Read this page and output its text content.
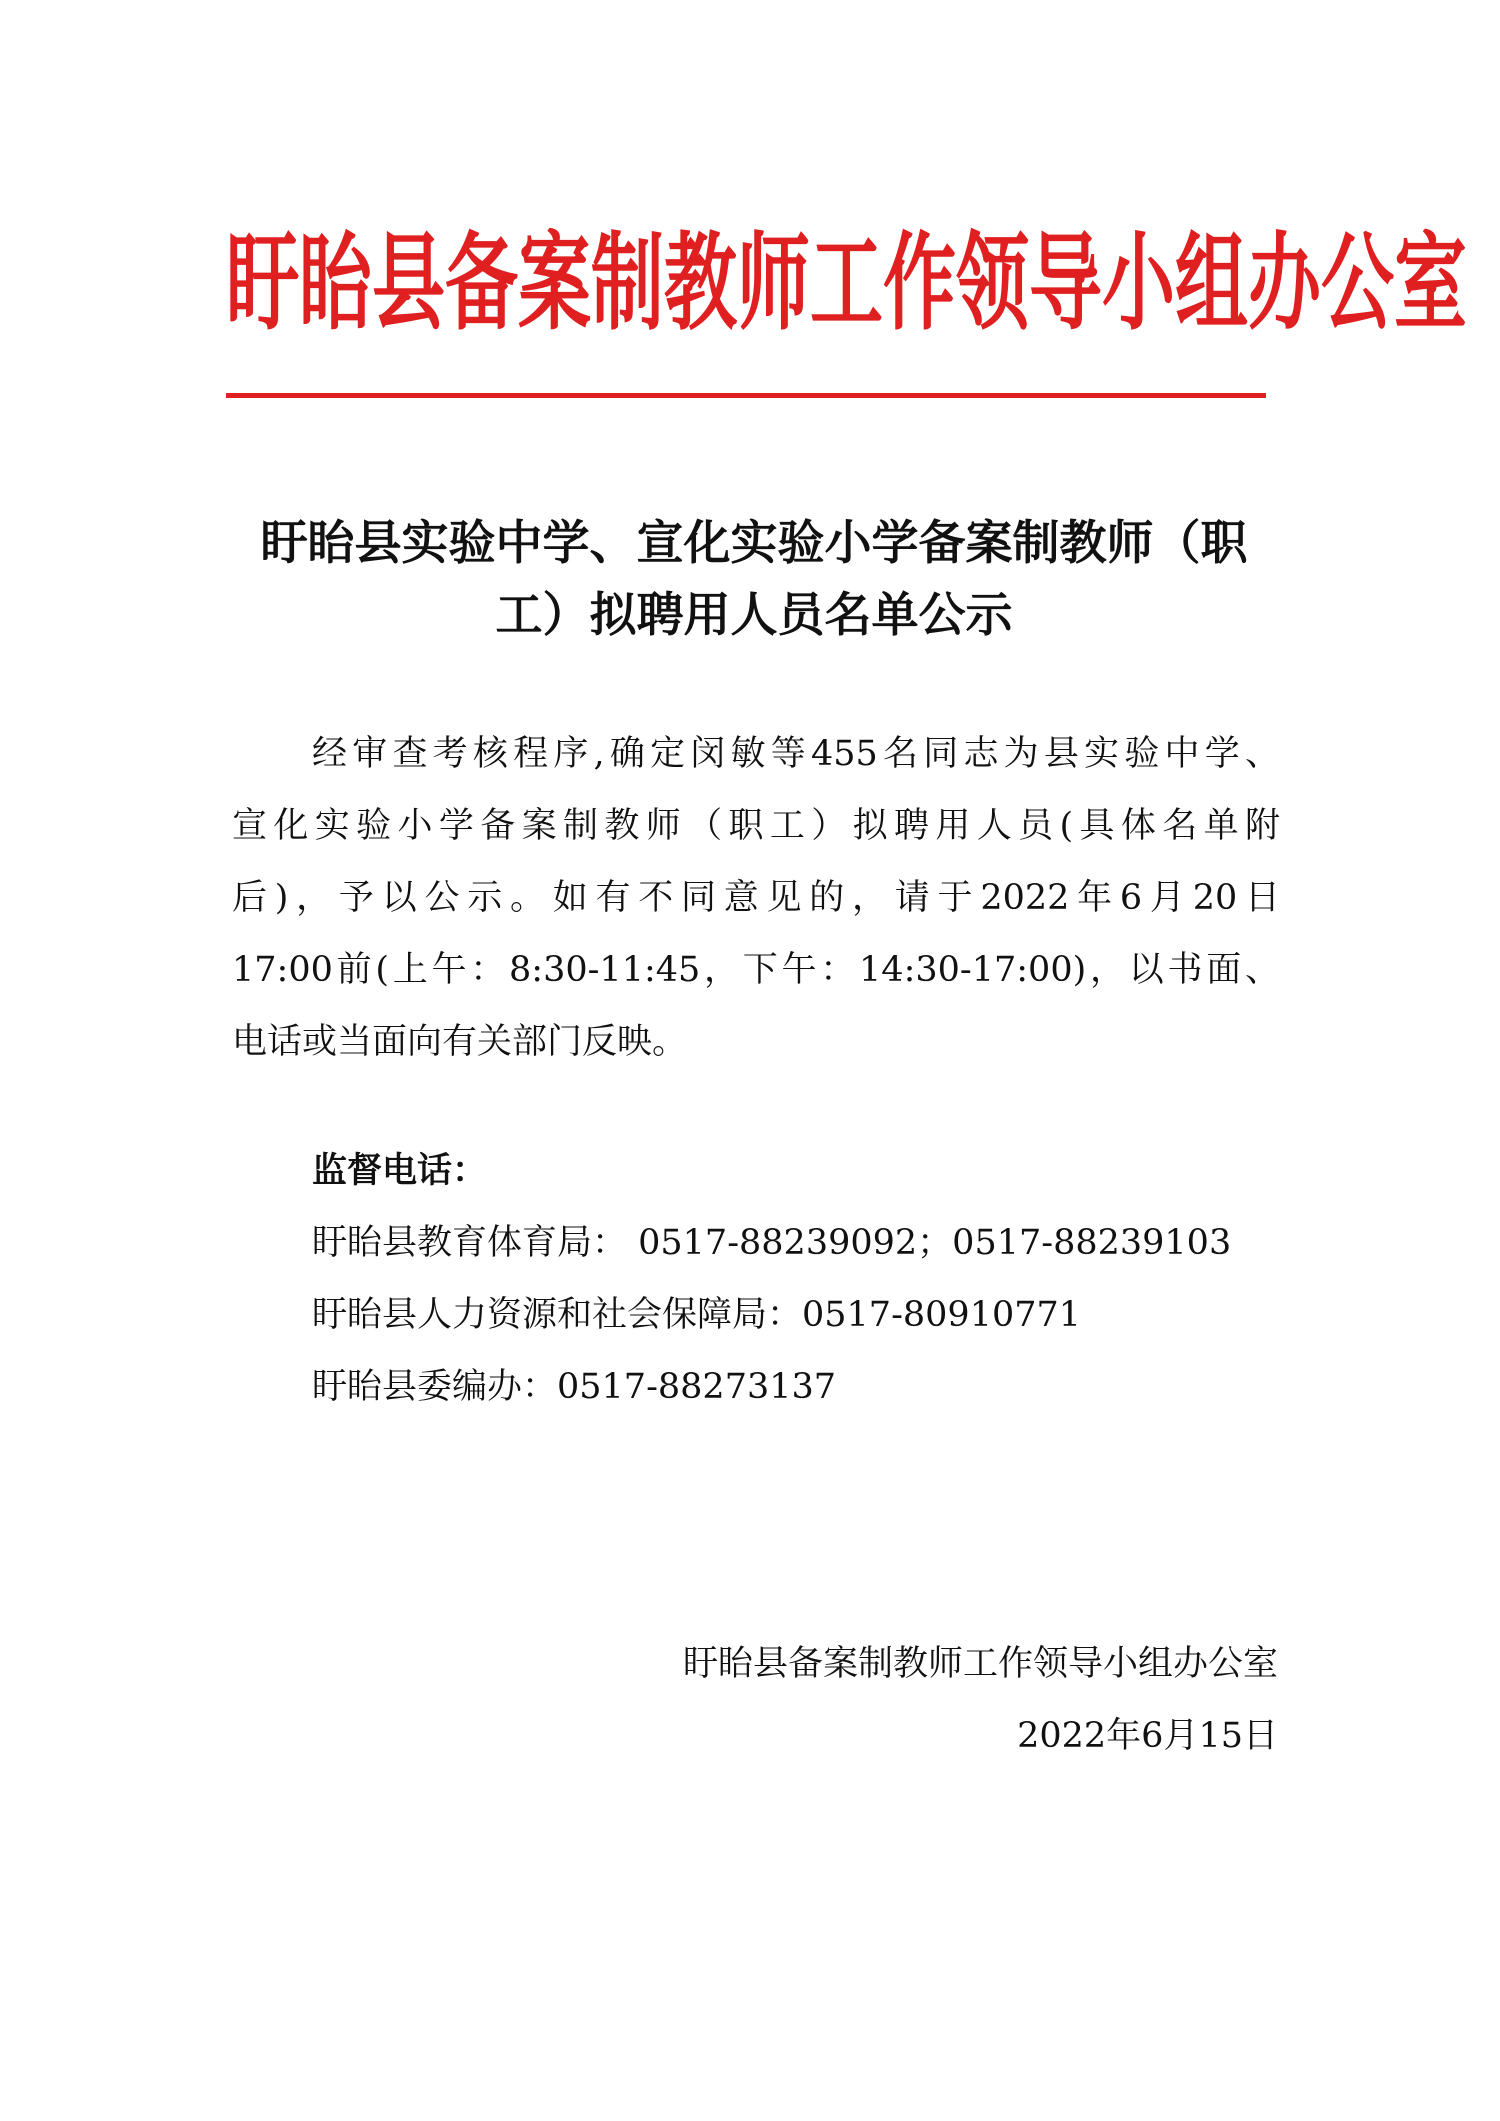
盱眙县备案制教师工作领导小组办公室
盱眙县实验中学、宣化实验小学备案制教师（职
工）拟聘用人员名单公示
经审查考核程序,确定闵敏等455名同志为县实验中学、
宣化实验小学备案制教师（职工）拟聘用人员(具体名单附
后)，予以公示。如有不同意见的，请于2022年6月20日
17:00前(上午：8:30-11:45，下午：14:30-17:00)，以书面、
电话或当面向有关部门反映。
监督电话：
盱眙县教育体育局： 0517-88239092；0517-88239103
盱眙县人力资源和社会保障局：0517-80910771
盱眙县委编办：0517-88273137
盱眙县备案制教师工作领导小组办公室
2022年6月15日
